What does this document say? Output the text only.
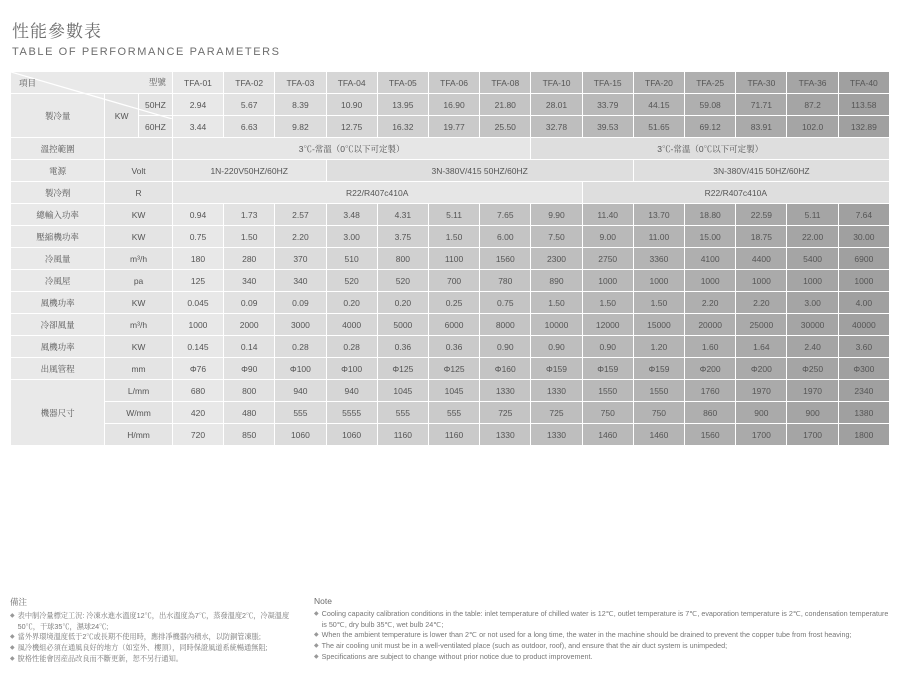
性能參數表
TABLE OF PERFORMANCE PARAMETERS
型號
項目			TFA-01	TFA-02	TFA-03	TFA-04	TFA-05	TFA-06	TFA-08	TFA-10	TFA-15	TFA-20	TFA-25	TFA-30	TFA-36	TFA-40
製冷量	KW	50HZ	2.94	5.67	8.39	10.90	13.95	16.90	21.80	28.01	33.79	44.15	59.08	71.71	87.2	113.58
		60HZ	3.44	6.63	9.82	12.75	16.32	19.77	25.50	32.78	39.53	51.65	69.12	83.91	102.0	132.89
溫控範圍			3℃-常溫（0℃以下可定製）							3℃-常溫（0℃以下可定製）						
電源	Volt		1N-220V50HZ/60HZ			3N-380V/415 50HZ/60HZ						3N-380V/415 50HZ/60HZ				
製冷劑	R		R22/R407c410A								R22/R407c410A					
總輸入功率	KW		0.94	1.73	2.57	3.48	4.31	5.11	7.65	9.90	11.40	13.70	18.80	22.59	5.11	7.64
壓縮機功率	KW		0.75	1.50	2.20	3.00	3.75	1.50	6.00	7.50	9.00	11.00	15.00	18.75	22.00	30.00
冷風量	m³/h		180	280	370	510	800	1100	1560	2300	2750	3360	4100	4400	5400	6900
冷風屋	pa		125	340	340	520	520	700	780	890	1000	1000	1000	1000	1000	1000
風機功率	KW		0.045	0.09	0.09	0.20	0.20	0.25	0.75	1.50	1.50	1.50	2.20	2.20	3.00	4.00
冷卻風量	m³/h		1000	2000	3000	4000	5000	6000	8000	10000	12000	15000	20000	25000	30000	40000
風機功率	KW		0.145	0.14	0.28	0.28	0.36	0.36	0.90	0.90	0.90	1.20	1.60	1.64	2.40	3.60
出風管程	mm		Φ76	Φ90	Φ100	Φ100	Φ125	Φ125	Φ160	Φ159	Φ159	Φ159	Φ200	Φ200	Φ250	Φ300
機器尺寸	L/mm		680	800	940	940	1045	1045	1330	1330	1550	1550	1760	1970	1970	2340
	W/mm		420	480	555	5555	555	555	725	725	750	750	860	900	900	1380
	H/mm		720	850	1060	1060	1160	1160	1330	1330	1460	1460	1560	1700	1700	1800
備注
◆ 表中制冷量標定工況: 冷凍水進水溫度12℃，出水溫度為7℃，蒸發溫度2℃，冷凝溫度50℃，干球35℃，濕球24℃;
◆ 當外界環境溫度低于2℃或長期不使用時，應排凈機器內積水，以防銅管凍脹;
◆ 風冷機組必須在通風良好的地方（如室外、樓頂），同時保證風道系統暢通無阻;
◆ 脫格性能會因産品改良而不斷更新，恕不另行通知。
Note
◆ Cooling capacity calibration conditions in the table: inlet temperature of chilled water is 12℃, outlet temperature is 7℃, evaporation temperature is 2℃, condensation temperature is 50℃, dry bulb 35℃, wet bulb 24℃;
◆ When the ambient temperature is lower than 2℃ or not used for a long time, the water in the machine should be drained to prevent the copper tube from frost heaving;
◆ The air cooling unit must be in a well-ventilated place (such as outdoor, roof), and ensure that the air duct system is unimpeded;
◆ Specifications are subject to change without prior notice due to product improvement.
